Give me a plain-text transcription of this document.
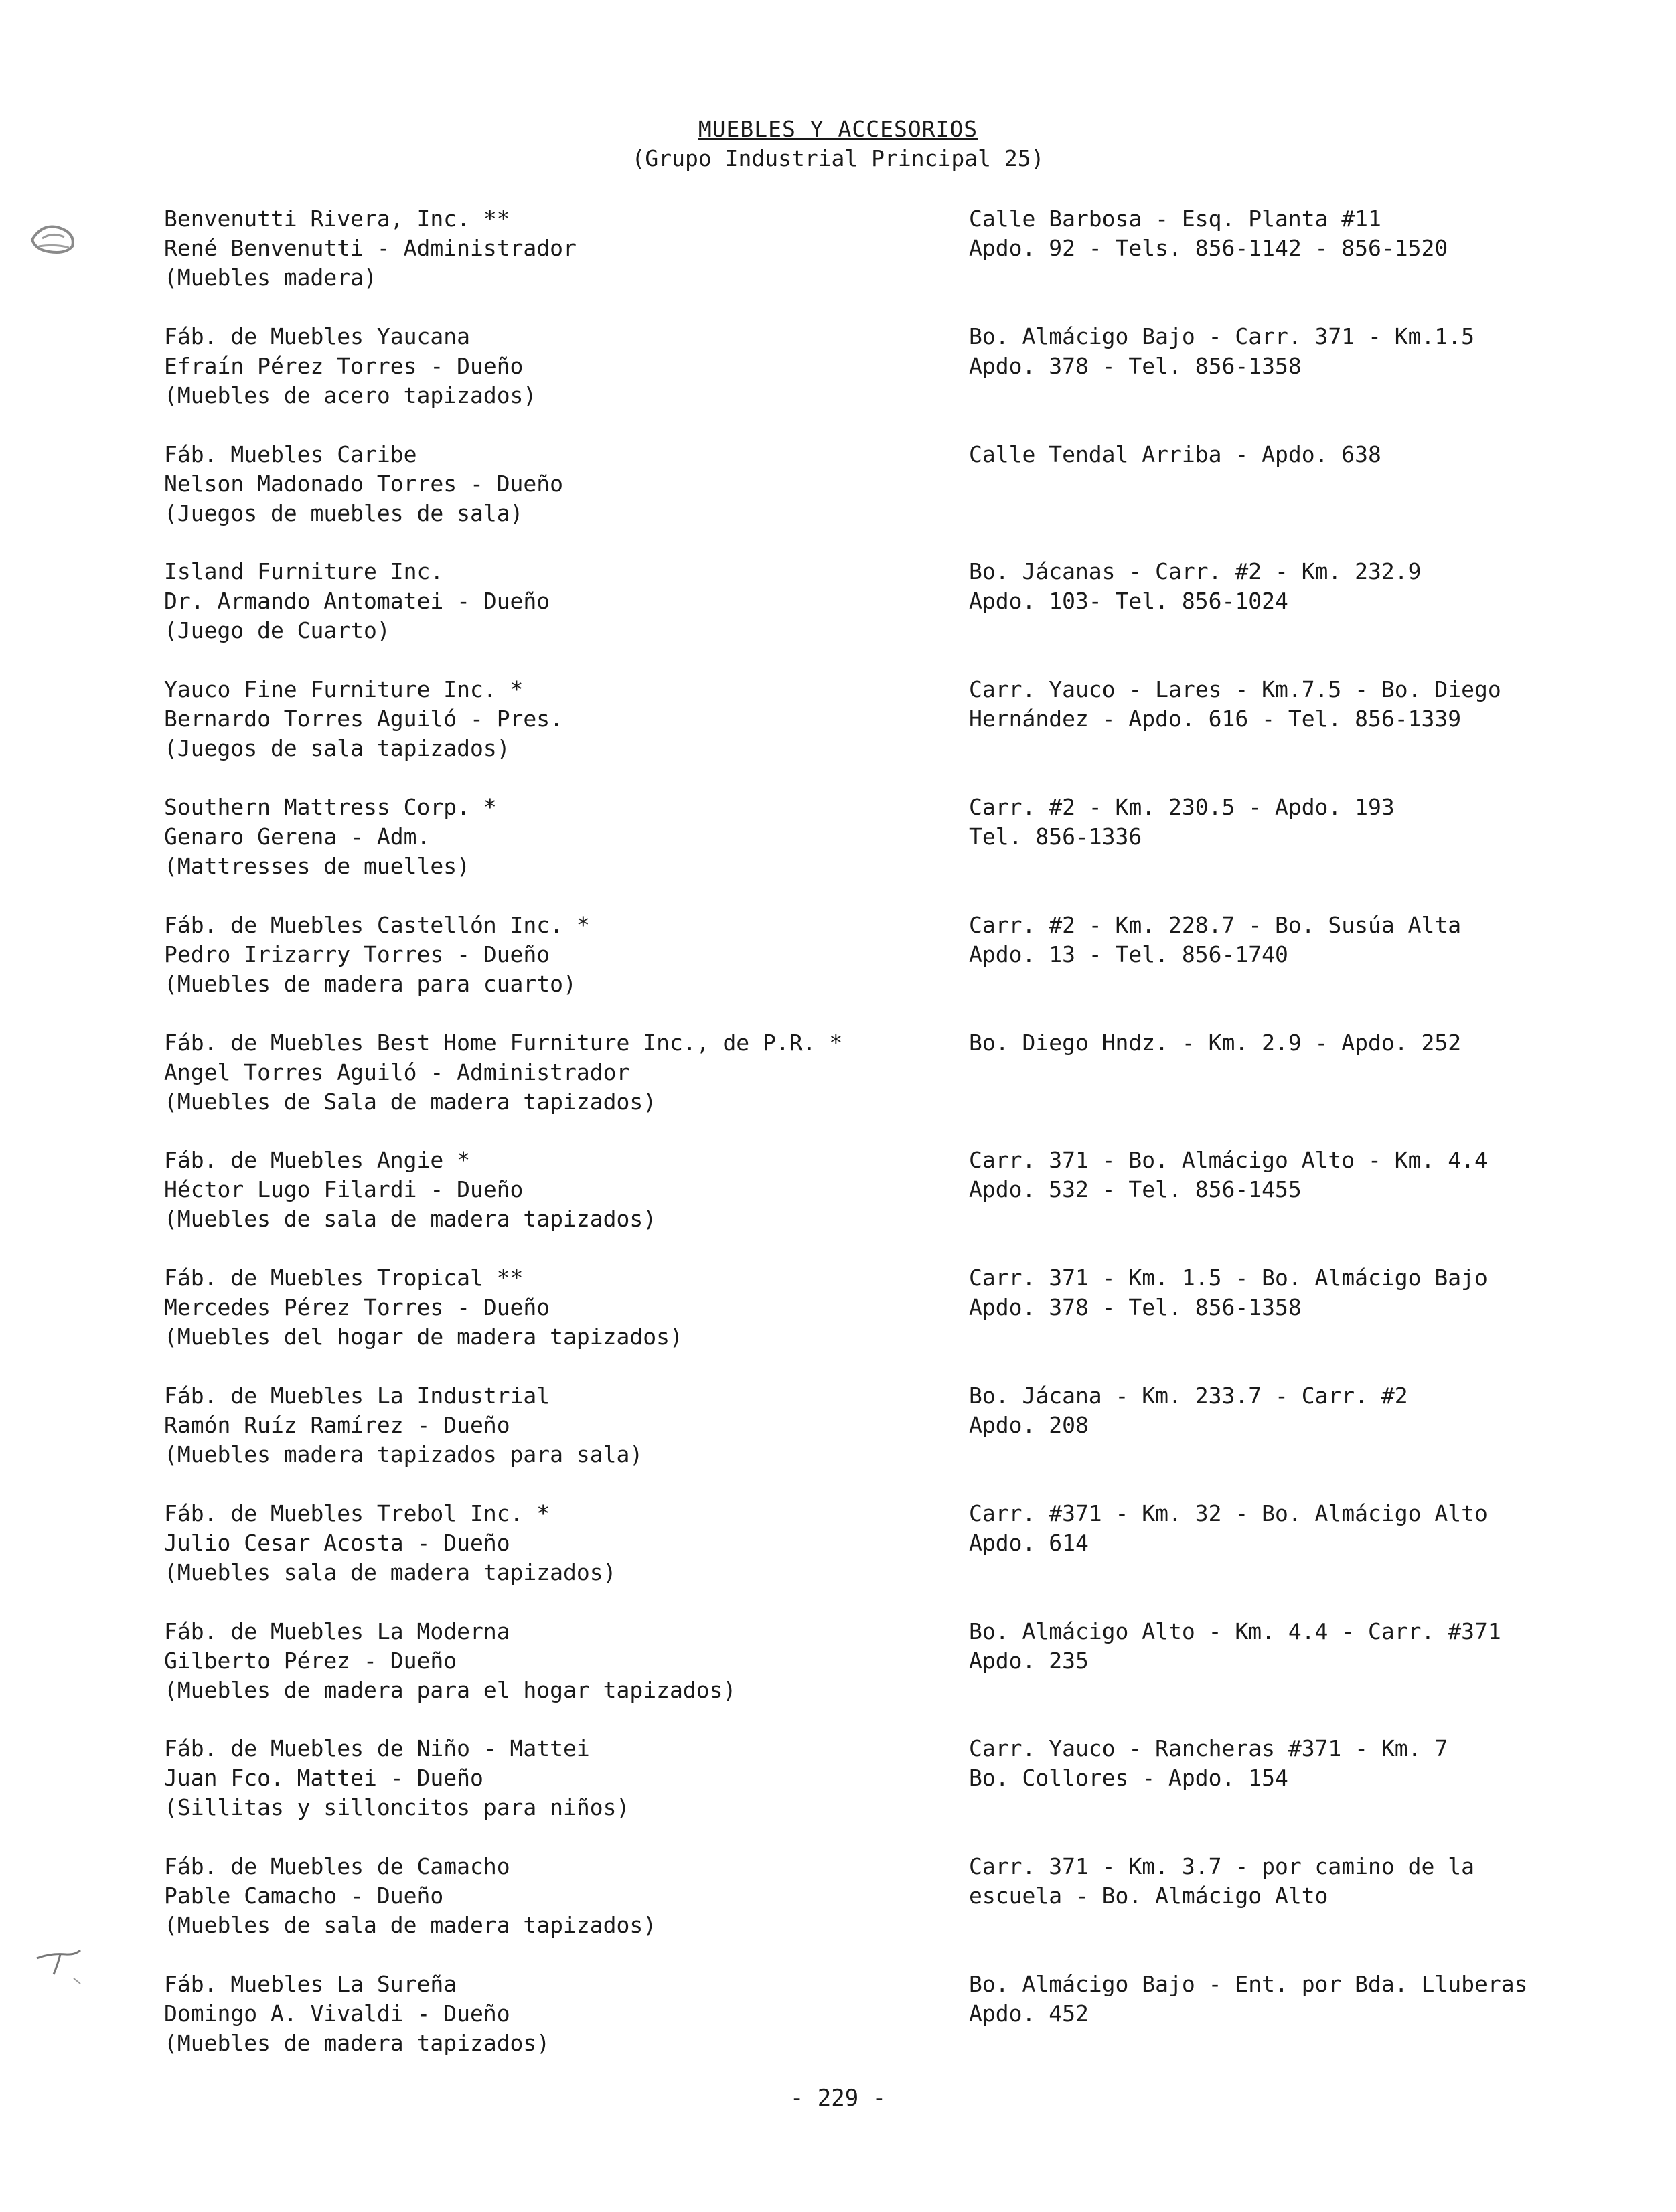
MUEBLES Y ACCESORIOS
(Grupo Industrial Principal 25)
Benvenutti Rivera, Inc. **
René Benvenutti - Administrador
(Muebles madera)
Calle Barbosa - Esq. Planta #11
Apdo. 92 - Tels. 856-1142 - 856-1520
Fáb. de Muebles Yaucana
Efraín Pérez Torres - Dueño
(Muebles de acero tapizados)
Bo. Almácigo Bajo - Carr. 371 - Km.1.5
Apdo. 378 - Tel. 856-1358
Fáb. Muebles Caribe
Nelson Madonado Torres - Dueño
(Juegos de muebles de sala)
Calle Tendal Arriba - Apdo. 638
Island Furniture Inc.
Dr. Armando Antomatei - Dueño
(Juego de Cuarto)
Bo. Jácanas - Carr. #2 - Km. 232.9
Apdo. 103- Tel. 856-1024
Yauco Fine Furniture Inc. *
Bernardo Torres Aguiló - Pres.
(Juegos de sala tapizados)
Carr. Yauco - Lares - Km.7.5 - Bo. Diego
Hernández - Apdo. 616 - Tel. 856-1339
Southern Mattress Corp. *
Genaro Gerena - Adm.
(Mattresses de muelles)
Carr. #2 - Km. 230.5 - Apdo. 193
Tel. 856-1336
Fáb. de Muebles Castellón Inc. *
Pedro Irizarry Torres - Dueño
(Muebles de madera para cuarto)
Carr. #2 - Km. 228.7 - Bo. Susúa Alta
Apdo. 13 - Tel. 856-1740
Fáb. de Muebles Best Home Furniture Inc., de P.R. *
Angel Torres Aguiló - Administrador
(Muebles de Sala de madera tapizados)
Bo. Diego Hndz. - Km. 2.9 - Apdo. 252
Fáb. de Muebles Angie *
Héctor Lugo Filardi - Dueño
(Muebles de sala de madera tapizados)
Carr. 371 - Bo. Almácigo Alto - Km. 4.4
Apdo. 532 - Tel. 856-1455
Fáb. de Muebles Tropical **
Mercedes Pérez Torres - Dueño
(Muebles del hogar de madera tapizados)
Carr. 371 - Km. 1.5 - Bo. Almácigo Bajo
Apdo. 378 - Tel. 856-1358
Fáb. de Muebles La Industrial
Ramón Ruíz Ramírez - Dueño
(Muebles madera tapizados para sala)
Bo. Jácana - Km. 233.7 - Carr. #2
Apdo. 208
Fáb. de Muebles Trebol Inc. *
Julio Cesar Acosta - Dueño
(Muebles sala de madera tapizados)
Carr. #371 - Km. 32 - Bo. Almácigo Alto
Apdo. 614
Fáb. de Muebles La Moderna
Gilberto Pérez - Dueño
(Muebles de madera para el hogar tapizados)
Bo. Almácigo Alto - Km. 4.4 - Carr. #371
Apdo. 235
Fáb. de Muebles de Niño - Mattei
Juan Fco. Mattei - Dueño
(Sillitas y silloncitos para niños)
Carr. Yauco - Rancheras #371 - Km. 7
Bo. Collores - Apdo. 154
Fáb. de Muebles de Camacho
Pable Camacho - Dueño
(Muebles de sala de madera tapizados)
Carr. 371 - Km. 3.7 - por camino de la
escuela - Bo. Almácigo Alto
Fáb. Muebles La Sureña
Domingo A. Vivaldi - Dueño
(Muebles de madera tapizados)
Bo. Almácigo Bajo - Ent. por Bda. Lluberas
Apdo. 452
- 229 -
